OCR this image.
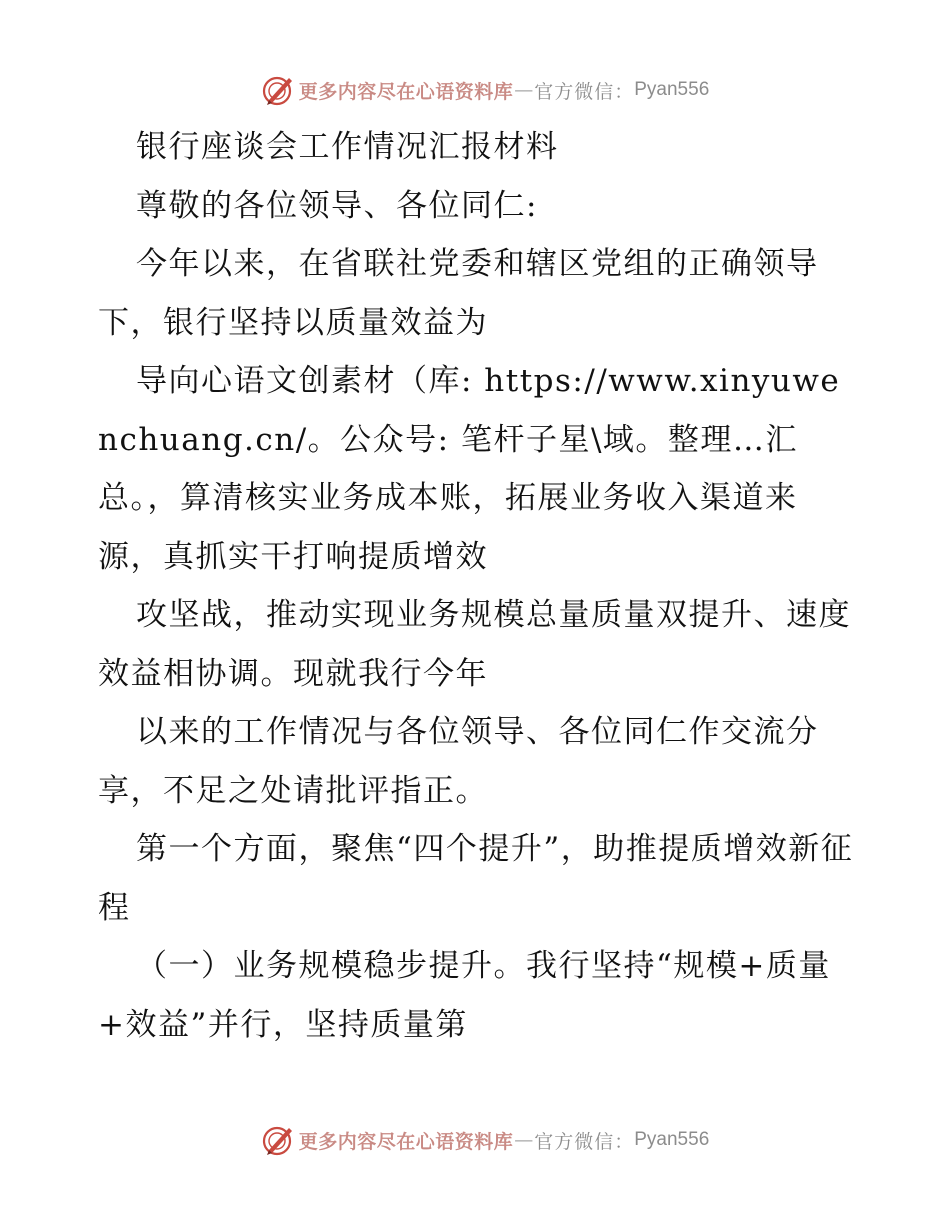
更多内容尽在心语资料库 — 官方微信： Pyan556

银行座谈会工作情况汇报材料

尊敬的各位领导、各位同仁:

今年以来，在省联社党委和辖区党组的正确领导下，银行坚持以质量效益为

导向心语文创素材（库: https://www.xinyuwenchuang.cn/。公众号: 笔杆子星\域。整理…汇总。，算清核实业务成本账，拓展业务收入渠道来源，真抓实干打响提质增效

攻坚战，推动实现业务规模总量质量双提升、速度效益相协调。现就我行今年

以来的工作情况与各位领导、各位同仁作交流分享，不足之处请批评指正。

第一个方面，聚焦“四个提升”，助推提质增效新征程

（一）业务规模稳步提升。我行坚持“规模+质量+效益”并行，坚持质量第

更多内容尽在心语资料库 — 官方微信： Pyan556
